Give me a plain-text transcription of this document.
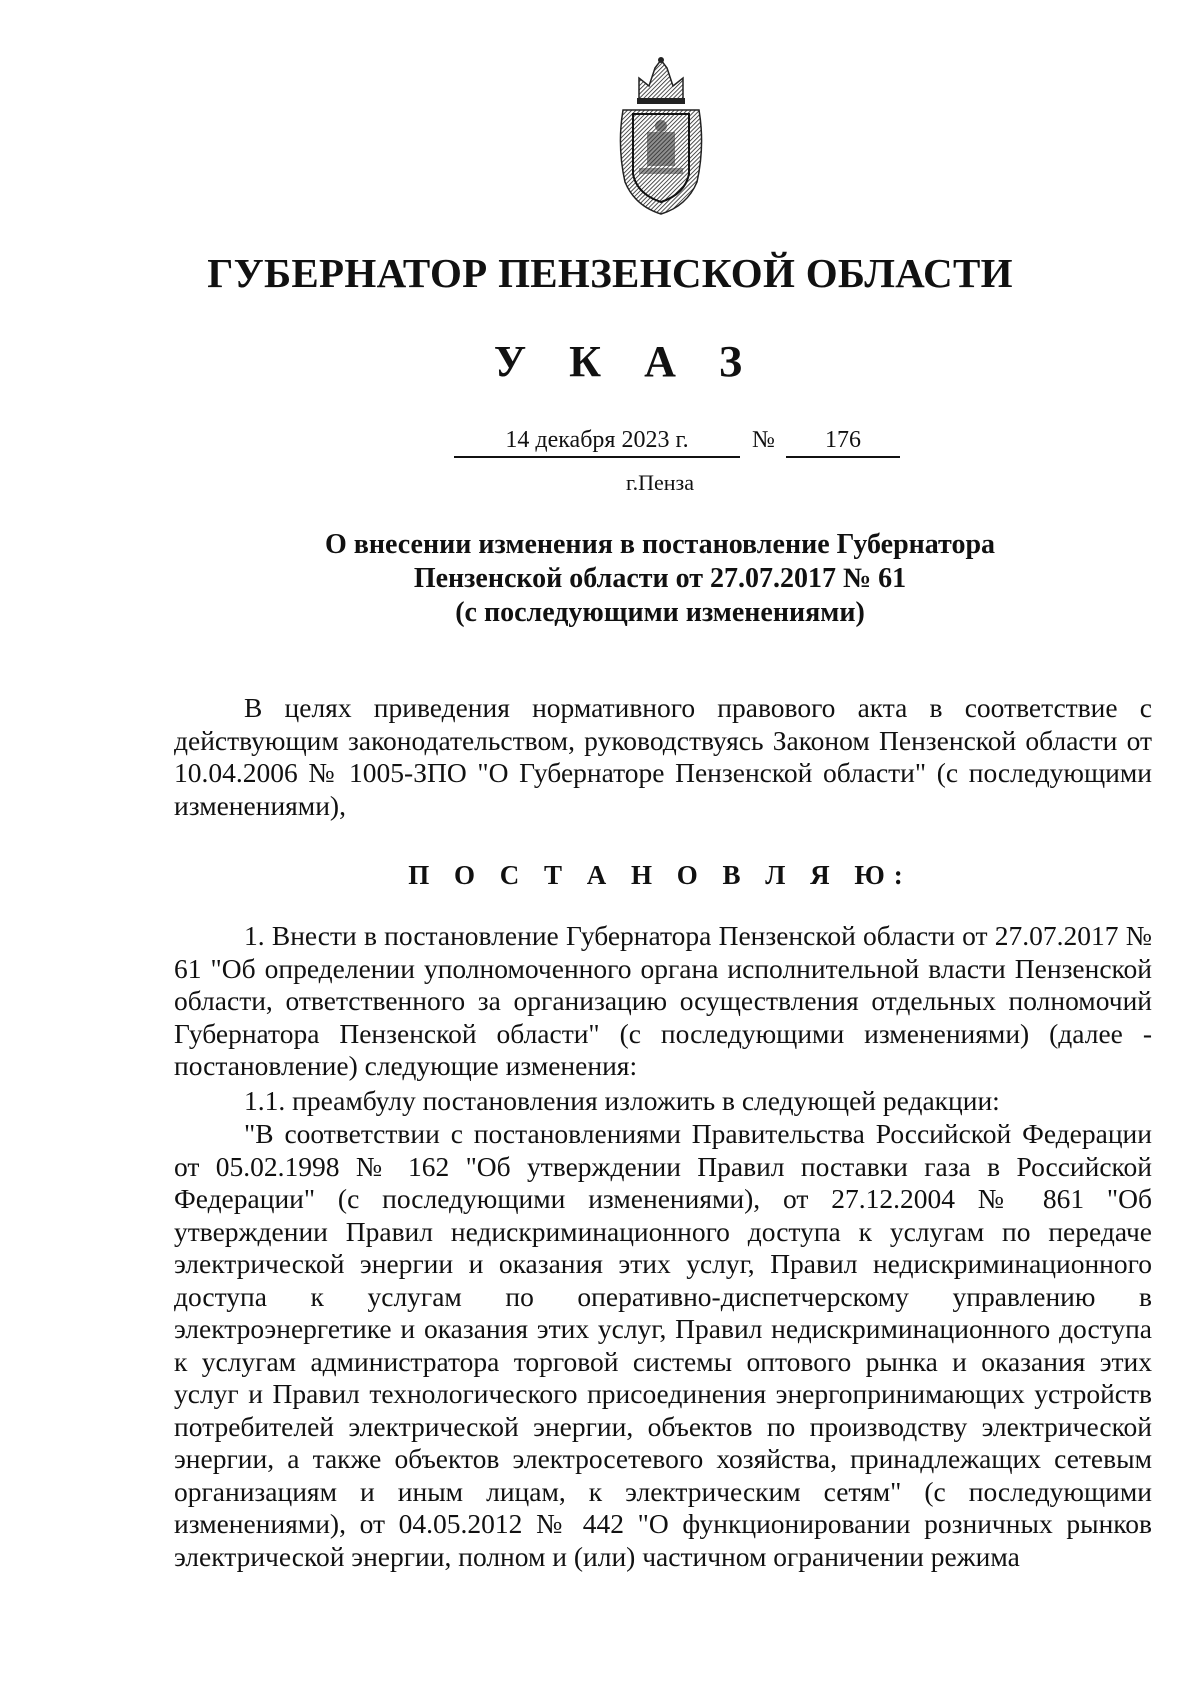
ГУБЕРНАТОР ПЕНЗЕНСКОЙ ОБЛАСТИ
У К А З
14 декабря 2023 г.	№	176
г.Пенза
О внесении изменения в постановление Губернатора
Пензенской области от 27.07.2017 № 61
(с последующими изменениями)

В целях приведения нормативного правового акта в соответствие с действующим законодательством, руководствуясь Законом Пензенской области от 10.04.2006 № 1005-ЗПО "О Губернаторе Пензенской области" (с последующими изменениями),

П О С Т А Н О В Л Я Ю:

1. Внести в постановление Губернатора Пензенской области от 27.07.2017 № 61 "Об определении уполномоченного органа исполнительной власти Пензенской области, ответственного за организацию осуществления отдельных полномочий Губернатора Пензенской области" (с последующими изменениями) (далее - постановление) следующие изменения:

1.1. преамбулу постановления изложить в следующей редакции:

"В соответствии с постановлениями Правительства Российской Федерации от 05.02.1998 № 162 "Об утверждении Правил поставки газа в Российской Федерации" (с последующими изменениями), от 27.12.2004 № 861 "Об утверждении Правил недискриминационного доступа к услугам по передаче электрической энергии и оказания этих услуг, Правил недискриминационного доступа к услугам по оперативно-диспетчерскому управлению в электроэнергетике и оказания этих услуг, Правил недискриминационного доступа к услугам администратора торговой системы оптового рынка и оказания этих услуг и Правил технологического присоединения энергопринимающих устройств потребителей электрической энергии, объектов по производству электрической энергии, а также объектов электросетевого хозяйства, принадлежащих сетевым организациям и иным лицам, к электрическим сетям" (с последующими изменениями), от 04.05.2012 № 442 "О функционировании розничных рынков электрической энергии, полном и (или) частичном ограничении режима
